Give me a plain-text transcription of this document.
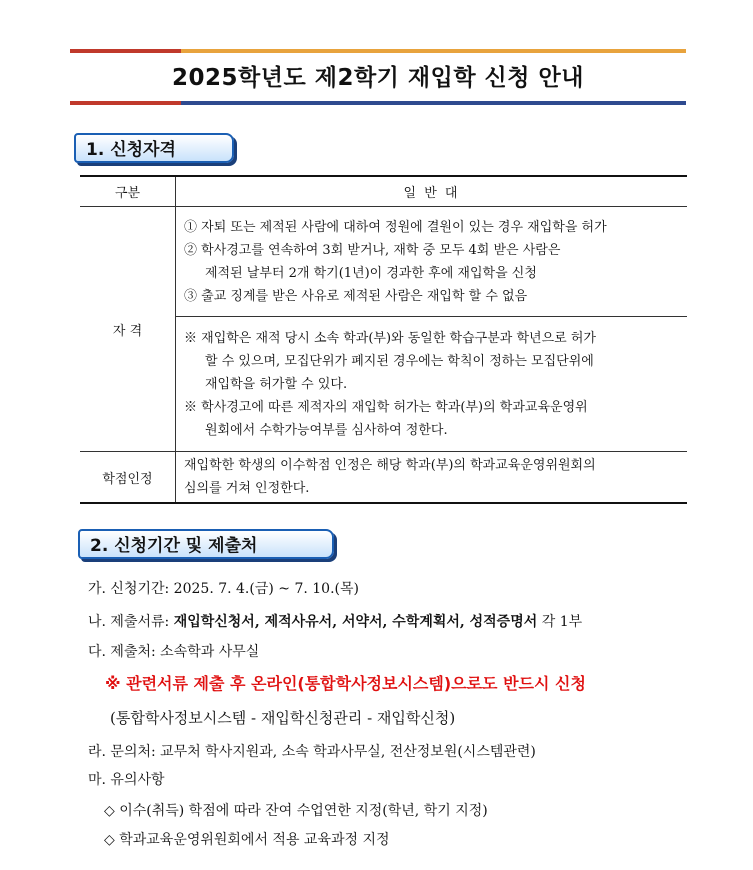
2025학년도 제2학기 재입학 신청 안내
1. 신청자격
구분	일 반 대
자 격	① 자퇴 또는 제적된 사람에 대하여 정원에 결원이 있는 경우 재입학을 허가
② 학사경고를 연속하여 3회 받거나, 재학 중 모두 4회 받은 사람은
제적된 날부터 2개 학기(1년)이 경과한 후에 재입학을 신청
③ 출교 징계를 받은 사유로 제적된 사람은 재입학 할 수 없음

	※ 재입학은 재적 당시 소속 학과(부)와 동일한 학습구분과 학년으로 허가
할 수 있으며, 모집단위가 폐지된 경우에는 학칙이 정하는 모집단위에
재입학을 허가할 수 있다.
※ 학사경고에 따른 제적자의 재입학 허가는 학과(부)의 학과교육운영위
원회에서 수학가능여부를 심사하여 정한다.

학점인정	재입학한 학생의 이수학점 인정은 해당 학과(부)의 학과교육운영위원회의
심의를 거쳐 인정한다.
2. 신청기간 및 제출처
가. 신청기간: 2025. 7. 4.(금) ~ 7. 10.(목)
나. 제출서류: 재입학신청서, 제적사유서, 서약서, 수학계획서, 성적증명서 각 1부
다. 제출처: 소속학과 사무실
※ 관련서류 제출 후 온라인(통합학사정보시스템)으로도 반드시 신청
(통합학사정보시스템 - 재입학신청관리 - 재입학신청)
라. 문의처: 교무처 학사지원과, 소속 학과사무실, 전산정보원(시스템관련)
마. 유의사항
◇ 이수(취득) 학점에 따라 잔여 수업연한 지정(학년, 학기 지정)
◇ 학과교육운영위원회에서 적용 교육과정 지정
